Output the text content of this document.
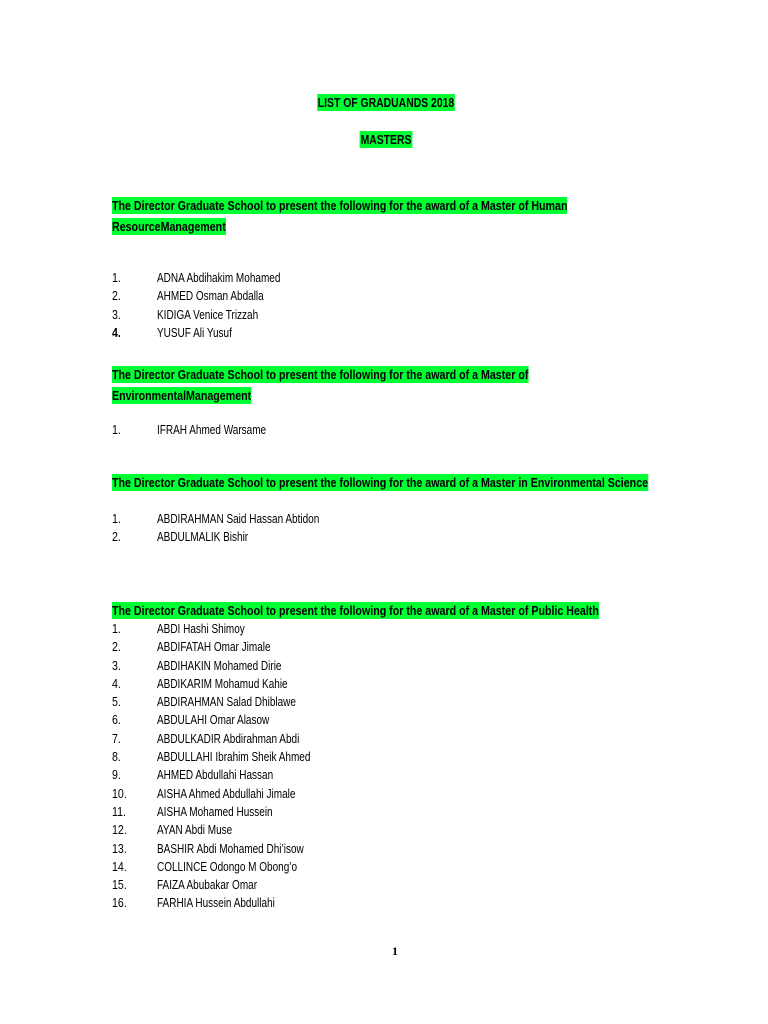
LIST OF GRADUANDS 2018
MASTERS
The Director Graduate School to present the following for the award of a Master of Human
ResourceManagement
1.	ADNA Abdihakim Mohamed
2.	AHMED Osman Abdalla
3.	KIDIGA Venice Trizzah
4.	YUSUF Ali Yusuf
The Director Graduate School to present the following for the award of a Master of
EnvironmentalManagement
1.	IFRAH Ahmed Warsame
The Director Graduate School to present the following for the award of a Master in Environmental Science
1.	ABDIRAHMAN Said Hassan Abtidon
2.	ABDULMALIK Bishir
The Director Graduate School to present the following for the award of a Master of Public Health
1.	ABDI Hashi Shimoy
2.	ABDIFATAH Omar Jimale
3.	ABDIHAKIN Mohamed Dirie
4.	ABDIKARIM Mohamud Kahie
5.	ABDIRAHMAN Salad Dhiblawe
6.	ABDULAHI Omar Alasow
7.	ABDULKADIR Abdirahman Abdi
8.	ABDULLAHI Ibrahim Sheik Ahmed
9.	AHMED Abdullahi Hassan
10. AISHA Ahmed Abdullahi Jimale
11. AISHA Mohamed Hussein
12. AYAN Abdi Muse
13. BASHIR Abdi Mohamed Dhi’isow
14. COLLINCE Odongo M Obong’o
15. FAIZA Abubakar Omar
16. FARHIA Hussein Abdullahi
1
